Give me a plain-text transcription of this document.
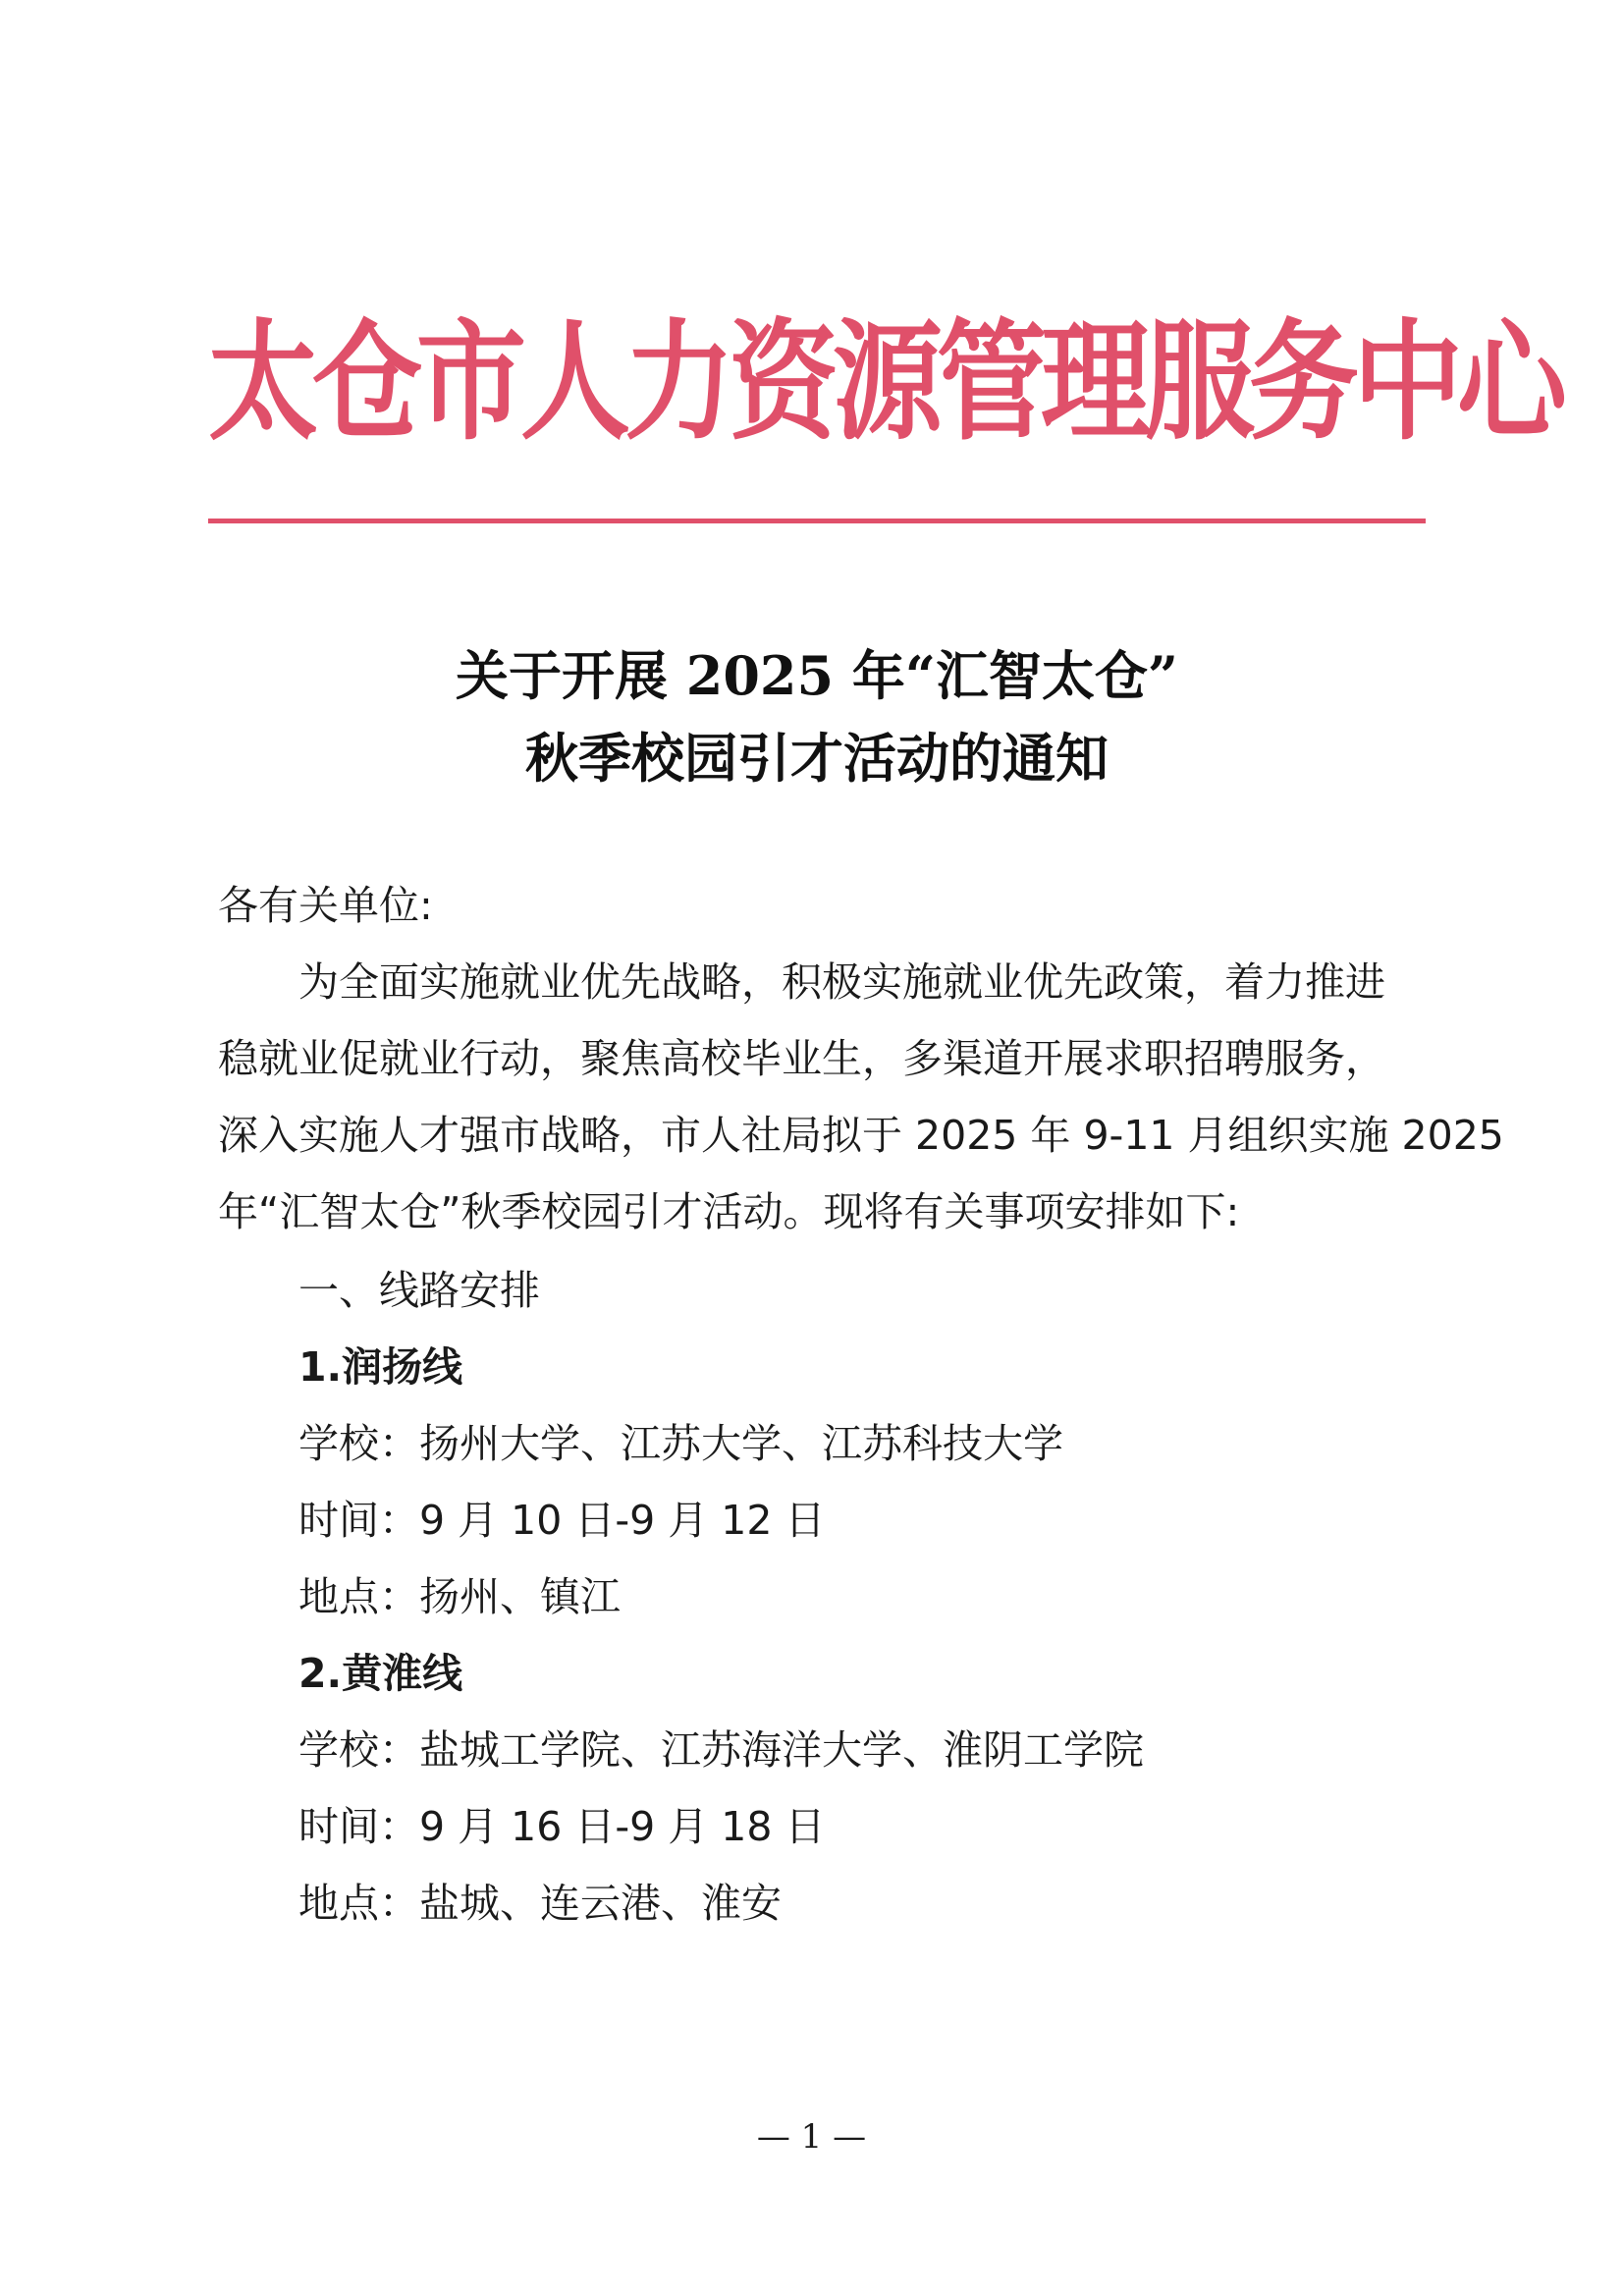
太仓市人力资源管理服务中心
关于开展 2025 年“汇智太仓”
秋季校园引才活动的通知
各有关单位:
为全面实施就业优先战略，积极实施就业优先政策，着力推进
稳就业促就业行动，聚焦高校毕业生，多渠道开展求职招聘服务，
深入实施人才强市战略，市人社局拟于 2025 年 9-11 月组织实施 2025
年“汇智太仓”秋季校园引才活动。现将有关事项安排如下:
一、线路安排
1.润扬线
学校：扬州大学、江苏大学、江苏科技大学
时间：9 月 10 日-9 月 12 日
地点：扬州、镇江
2.黄淮线
学校：盐城工学院、江苏海洋大学、淮阴工学院
时间：9 月 16 日-9 月 18 日
地点：盐城、连云港、淮安
— 1 —
